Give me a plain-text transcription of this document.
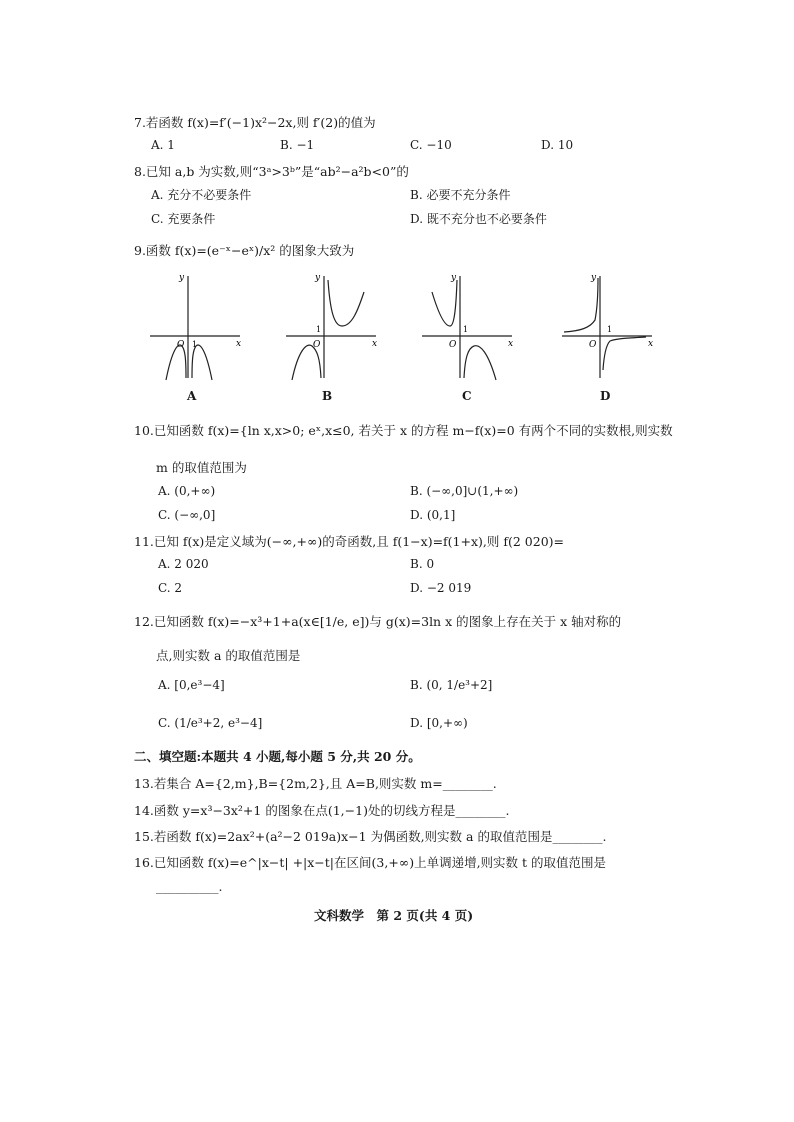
7.若函数 f(x)=f′(−1)x²−2x,则 f′(2)的值为
A. 1	B. −1	C. −10	D. 10
8.已知 a,b 为实数,则“3ᵃ>3ᵇ”是“ab²−a²b<0”的
A. 充分不必要条件	B. 必要不充分条件
C. 充要条件	D. 既不充分也不必要条件
9.函数 f(x)=(e⁻ˣ−eˣ)/x² 的图象大致为
x
y
O 1
A
x
y
O
1
B
x
y
O
1
C
x
y
O
1
D
10.已知函数 f(x)={ln x,x>0; eˣ,x≤0, 若关于 x 的方程 m−f(x)=0 有两个不同的实数根,则实数
m 的取值范围为
A. (0,+∞)	B. (−∞,0]∪(1,+∞)
C. (−∞,0]	D. (0,1]
11.已知 f(x)是定义域为(−∞,+∞)的奇函数,且 f(1−x)=f(1+x),则 f(2 020)=
A. 2 020	B. 0
C. 2	D. −2 019
12.已知函数 f(x)=−x³+1+a(x∈[1/e, e])与 g(x)=3ln x 的图象上存在关于 x 轴对称的
点,则实数 a 的取值范围是
A. [0,e³−4]	B. (0, 1/e³+2]
C. (1/e³+2, e³−4]	D. [0,+∞)
二、填空题:本题共 4 小题,每小题 5 分,共 20 分。
13.若集合 A={2,m},B={2m,2},且 A=B,则实数 m=________.
14.函数 y=x³−3x²+1 的图象在点(1,−1)处的切线方程是________.
15.若函数 f(x)=2ax²+(a²−2 019a)x−1 为偶函数,则实数 a 的取值范围是________.
16.已知函数 f(x)=e^|x−t| +|x−t|在区间(3,+∞)上单调递增,则实数 t 的取值范围是
__________.
文科数学　第 2 页(共 4 页)
